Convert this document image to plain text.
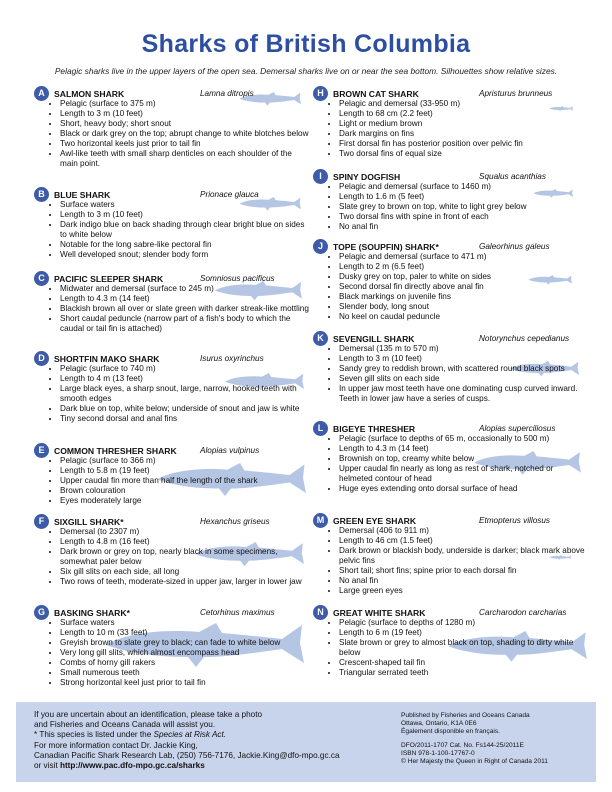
Sharks of British Columbia
Pelagic sharks live in the upper layers of the open sea. Demersal sharks live on or near the sea bottom. Silhouettes show relative sizes.
A	SALMON SHARK	Lamna ditropis
• Pelagic (surface to 375 m)
• Length to 3 m (10 feet)
• Short, heavy body; short snout
• Black or dark grey on the top; abrupt change to white blotches below
• Two horizontal keels just prior to tail fin
• Awl-like teeth with small sharp denticles on each shoulder of the main point.
B	BLUE SHARK	Prionace glauca
• Surface waters
• Length to 3 m (10 feet)
• Dark indigo blue on back shading through clear bright blue on sides to white below
• Notable for the long sabre-like pectoral fin
• Well developed snout; slender body form
C	PACIFIC SLEEPER SHARK	Somniosus pacificus
• Midwater and demersal (surface to 245 m)
• Length to 4.3 m (14 feet)
• Blackish brown all over or slate green with darker streak-like mottling
• Short caudal peduncle (narrow part of a fish's body to which the caudal or tail fin is attached)
D	SHORTFIN MAKO SHARK	Isurus oxyrinchus
• Pelagic (surface to 740 m)
• Length to 4 m (13 feet)
• Large black eyes, a sharp snout, large, narrow, hooked teeth with smooth edges
• Dark blue on top, white below; underside of snout and jaw is white
• Tiny second dorsal and anal fins
E	COMMON THRESHER SHARK	Alopias vulpinus
• Pelagic (surface to 366 m)
• Length to 5.8 m (19 feet)
• Upper caudal fin more than half the length of the shark
• Brown colouration
• Eyes moderately large
F	SIXGILL SHARK*	Hexanchus griseus
• Demersal (to 2307 m)
• Length to 4.8 m (16 feet)
• Dark brown or grey on top, nearly black in some specimens, somewhat paler below
• Six gill slits on each side, all long
• Two rows of teeth, moderate-sized in upper jaw, larger in lower jaw
G	BASKING SHARK*	Cetorhinus maximus
• Surface waters
• Length to 10 m (33 feet)
• Greyish brown to slate grey to black; can fade to white below
• Very long gill slits, which almost encompass head
• Combs of horny gill rakers
• Small numerous teeth
• Strong horizontal keel just prior to tail fin
H	BROWN CAT SHARK	Apristurus brunneus
• Pelagic and demersal (33-950 m)
• Length to 68 cm (2.2 feet)
• Light or medium brown
• Dark margins on fins
• First dorsal fin has posterior position over pelvic fin
• Two dorsal fins of equal size
I	SPINY DOGFISH	Squalus acanthias
• Pelagic and demersal (surface to 1460 m)
• Length to 1.6 m (5 feet)
• Slate grey to brown on top, white to light grey below
• Two dorsal fins with spine in front of each
• No anal fin
J	TOPE (SOUPFIN) SHARK*	Galeorhinus galeus
• Pelagic and demersal (surface to 471 m)
• Length to 2 m (6.5 feet)
• Dusky grey on top, paler to white on sides
• Second dorsal fin directly above anal fin
• Black markings on juvenile fins
• Slender body, long snout
• No keel on caudal peduncle
K	SEVENGILL SHARK	Notorynchus cepedianus
• Demersal (135 m to 570 m)
• Length to 3 m (10 feet)
• Sandy grey to reddish brown, with scattered round black spots
• Seven gill slits on each side
• In upper jaw most teeth have one dominating cusp curved inward. Teeth in lower jaw have a series of cusps.
L	BIGEYE THRESHER	Alopias superciliosus
• Pelagic (surface to depths of 65 m, occasionally to 500 m)
• Length to 4.3 m (14 feet)
• Brownish on top, creamy white below
• Upper caudal fin nearly as long as rest of shark, notched or helmeted contour of head
• Huge eyes extending onto dorsal surface of head
M	GREEN EYE SHARK	Etmopterus villosus
• Demersal (406 to 911 m)
• Length to 46 cm (1.5 feet)
• Dark brown or blackish body, underside is darker; black mark above pelvic fins
• Short tail; short fins; spine prior to each dorsal fin
• No anal fin
• Large green eyes
N	GREAT WHITE SHARK	Carcharodon carcharias
• Pelagic (surface to depths of 1280 m)
• Length to 6 m (19 feet)
• Slate brown or grey to almost black on top, shading to dirty white below
• Crescent-shaped tail fin
• Triangular serrated teeth
If you are uncertain about an identification, please take a photo
and Fisheries and Oceans Canada will assist you.
* This species is listed under the Species at Risk Act.
For more information contact Dr. Jackie King,
Canadian Pacific Shark Research Lab, (250) 756-7176, Jackie.King@dfo-mpo.gc.ca
or visit http://www.pac.dfo-mpo.gc.ca/sharks
Published by Fisheries and Oceans Canada
Ottawa, Ontario, K1A 0E6
Également disponible en français.
DFO/2011-1707 Cat. No. Fs144-25/2011E
ISBN 978-1-100-17767-0
© Her Majesty the Queen in Right of Canada 2011
